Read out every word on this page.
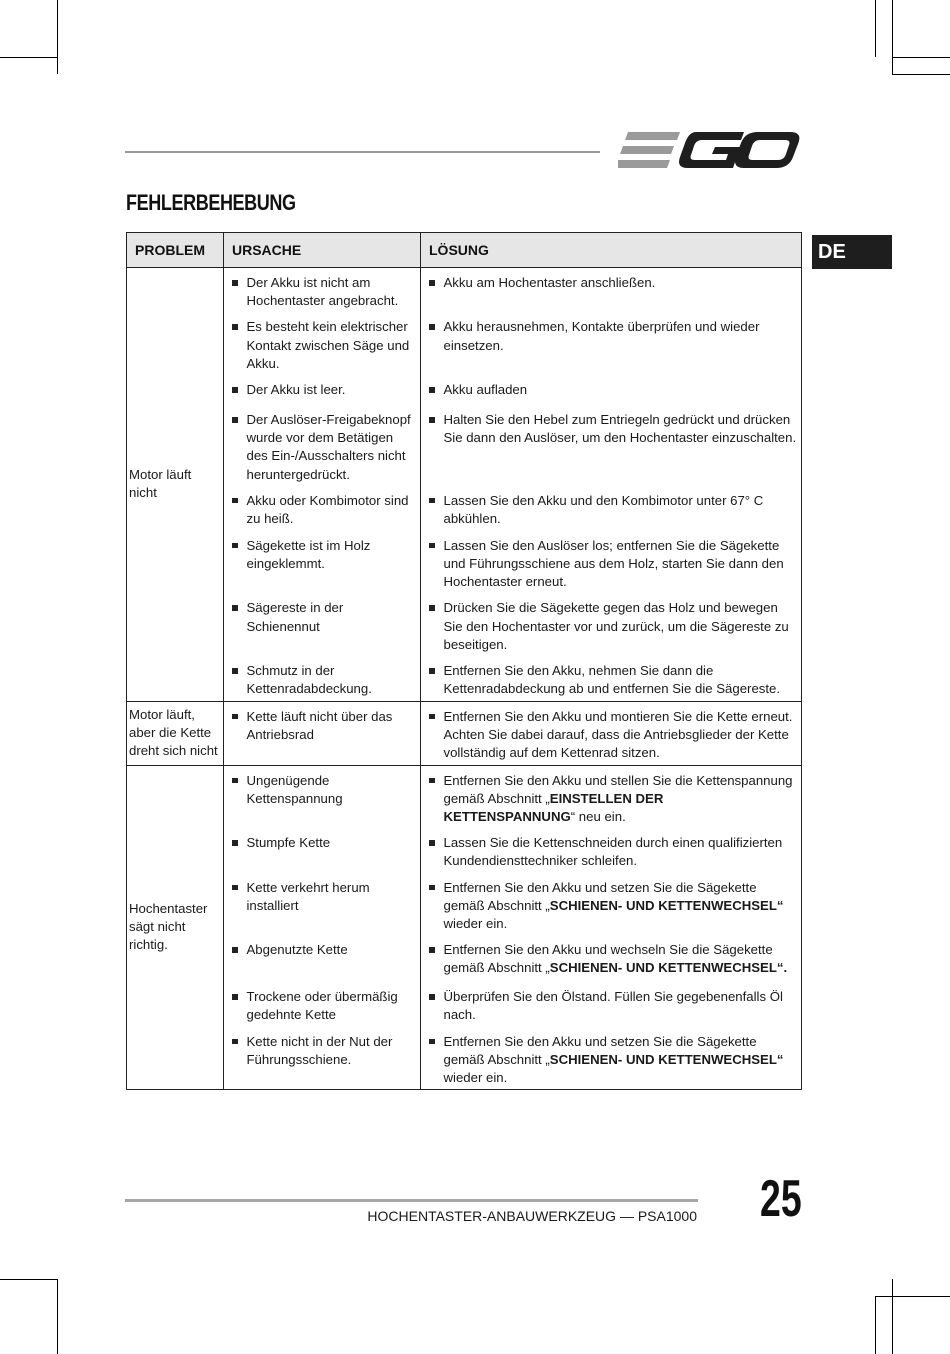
FEHLERBEHEBUNG
DE
PROBLEM	URSACHE	LÖSUNG
Motor läuft nicht	Der Akku ist nicht am Hochentaster angebracht.	Akku am Hochentaster anschließen.

	Es besteht kein elektrischer Kontakt zwischen Säge und Akku.	Akku herausnehmen, Kontakte überprüfen und wieder einsetzen.

	Der Akku ist leer.	Akku aufladen

	Der Auslöser-Freigabeknopf wurde vor dem Betätigen des Ein-/Ausschalters nicht heruntergedrückt.	Halten Sie den Hebel zum Entriegeln gedrückt und drücken Sie dann den Auslöser, um den Hochentaster einzuschalten.

	Akku oder Kombimotor sind zu heiß.	Lassen Sie den Akku und den Kombimotor unter 67° C abkühlen.

	Sägekette ist im Holz eingeklemmt.	Lassen Sie den Auslöser los; entfernen Sie die Sägekette und Führungsschiene aus dem Holz, starten Sie dann den Hochentaster erneut.

	Sägereste in der Schienennut	Drücken Sie die Sägekette gegen das Holz und bewegen Sie den Hochentaster vor und zurück, um die Sägereste zu beseitigen.

	Schmutz in der Kettenradabdeckung.	Entfernen Sie den Akku, nehmen Sie dann die Kettenradabdeckung ab und entfernen Sie die Sägereste.

Motor läuft, aber die Kette dreht sich nicht	Kette läuft nicht über das Antriebsrad	Entfernen Sie den Akku und montieren Sie die Kette erneut. Achten Sie dabei darauf, dass die Antriebsglieder der Kette vollständig auf dem Kettenrad sitzen.

Hochentaster sägt nicht richtig.	Ungenügende Kettenspannung	Entfernen Sie den Akku und stellen Sie die Kettenspannung gemäß Abschnitt „EINSTELLEN DER KETTENSPANNUNG“ neu ein.

	Stumpfe Kette	Lassen Sie die Kettenschneiden durch einen qualifizierten Kundendiensttechniker schleifen.

	Kette verkehrt herum installiert	Entfernen Sie den Akku und setzen Sie die Sägekette gemäß Abschnitt „SCHIENEN- UND KETTENWECHSEL“ wieder ein.

	Abgenutzte Kette	Entfernen Sie den Akku und wechseln Sie die Sägekette gemäß Abschnitt „SCHIENEN- UND KETTENWECHSEL“.

	Trockene oder übermäßig gedehnte Kette	Überprüfen Sie den Ölstand. Füllen Sie gegebenenfalls Öl nach.

	Kette nicht in der Nut der Führungsschiene.	Entfernen Sie den Akku und setzen Sie die Sägekette gemäß Abschnitt „SCHIENEN- UND KETTENWECHSEL“ wieder ein.
HOCHENTASTER-ANBAUWERKZEUG — PSA1000 25
